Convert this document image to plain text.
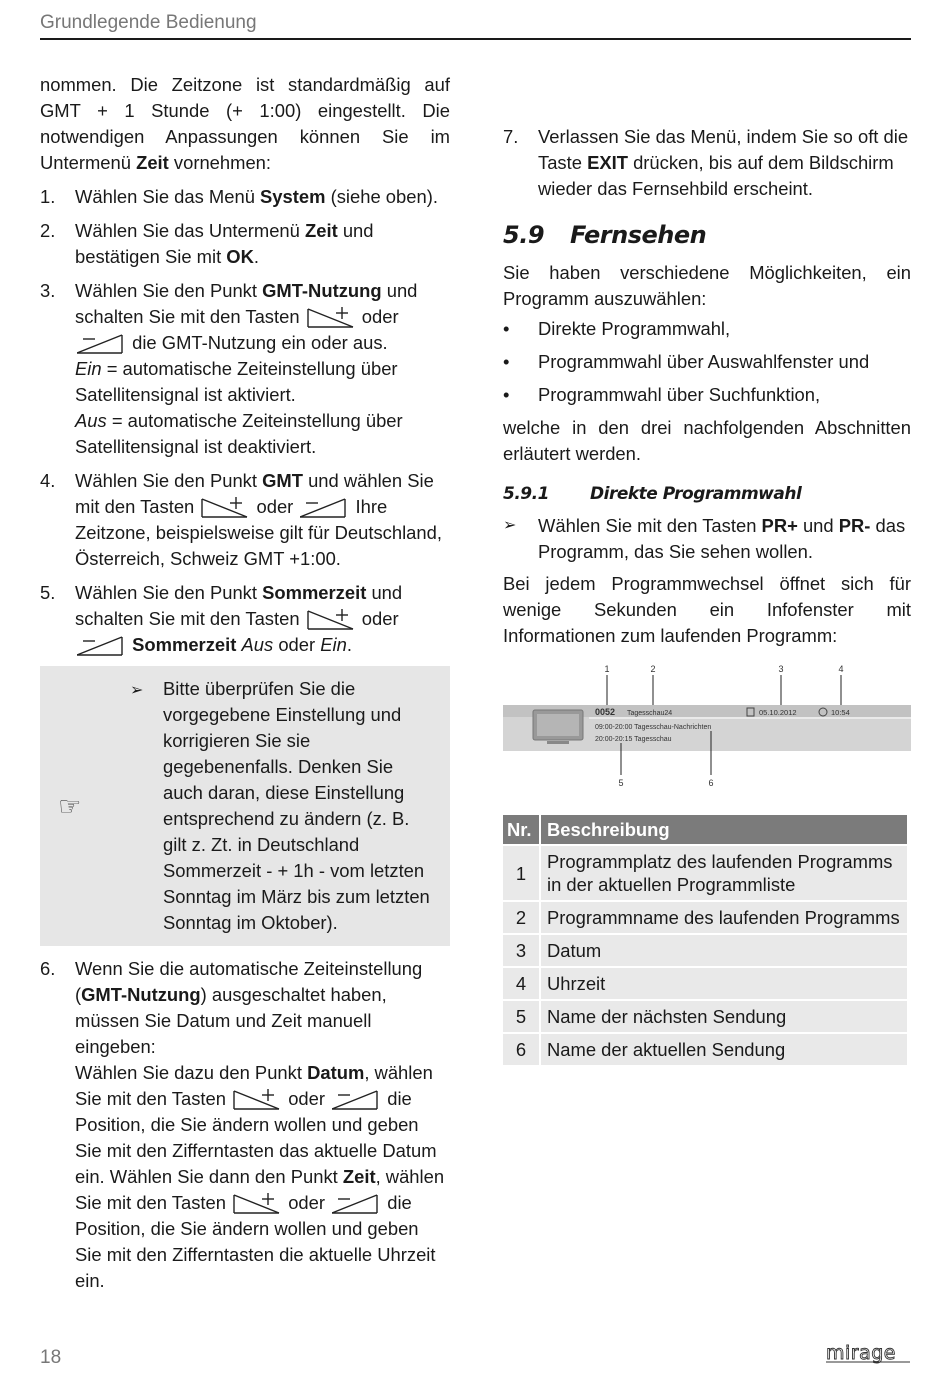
Grundlegende Bedienung

nommen. Die Zeitzone ist standardmäßig auf GMT + 1 Stunde (+ 1:00) eingestellt. Die notwendigen Anpassungen können Sie im Untermenü Zeit vornehmen:

1. Wählen Sie das Menü System (siehe oben).
2. Wählen Sie das Untermenü Zeit und bestätigen Sie mit OK.
3. Wählen Sie den Punkt GMT-Nutzung und schalten Sie mit den Tasten	oder

die GMT-Nutzung ein oder aus.
Ein = automatische Zeiteinstellung über Satellitensignal ist aktiviert.
Aus = automatische Zeiteinstellung über Satellitensignal ist deaktiviert.
4. Wählen Sie den Punkt GMT und wählen Sie mit den Tasten	oder	Ihre Zeitzone, beispielsweise gilt für Deutschland, Österreich, Schweiz GMT +1:00.
5. Wählen Sie den Punkt Sommerzeit und schalten Sie mit den Tasten	oder

Sommerzeit Aus oder Ein.
☞
➢ Bitte überprüfen Sie die vorgegebene Einstellung und korrigieren Sie sie gegebenenfalls. Denken Sie auch daran, diese Einstellung entsprechend zu ändern (z. B. gilt z. Zt. in Deutschland Sommerzeit - + 1h - vom letzten Sonntag im März bis zum letzten Sonntag im Oktober).

6. Wenn Sie die automatische Zeiteinstellung (GMT-Nutzung) ausgeschaltet haben, müssen Sie Datum und Zeit manuell eingeben:
Wählen Sie dazu den Punkt Datum, wählen Sie mit den Tasten	oder	die Position, die Sie ändern wollen und geben Sie mit den Zifferntasten das aktuelle Datum ein. Wählen Sie dann den Punkt Zeit, wählen Sie mit den Tasten	oder	die Position, die Sie ändern wollen und geben Sie mit den Zifferntasten die aktuelle Uhrzeit ein.
7. Verlassen Sie das Menü, indem Sie so oft die Taste EXIT drücken, bis auf dem Bildschirm wieder das Fernsehbild erscheint.
5.9 Fernsehen

Sie haben verschiedene Möglichkeiten, ein Programm auszuwählen:

• Direkte Programmwahl,
• Programmwahl über Auswahlfenster und
• Programmwahl über Suchfunktion,

welche in den drei nachfolgenden Abschnitten erläutert werden.

5.9.1 Direkte Programmwahl
➢ Wählen Sie mit den Tasten PR+ und PR- das Programm, das Sie sehen wollen.

Bei jedem Programmwechsel öffnet sich für wenige Sekunden ein Infofenster mit Informationen zum laufenden Programm:

1	2	3	4
0052 Tagesschau24	05.10.2012	10:54
09:00-20:00 Tagesschau-Nachrichten
20:00-20:15 Tagesschau
5	6
Nr.	Beschreibung
1	Programmplatz des laufenden Programms in der aktuellen Programmliste
2	Programmname des laufenden Programms
3	Datum
4	Uhrzeit
5	Name der nächsten Sendung
6	Name der aktuellen Sendung
18	mirage
